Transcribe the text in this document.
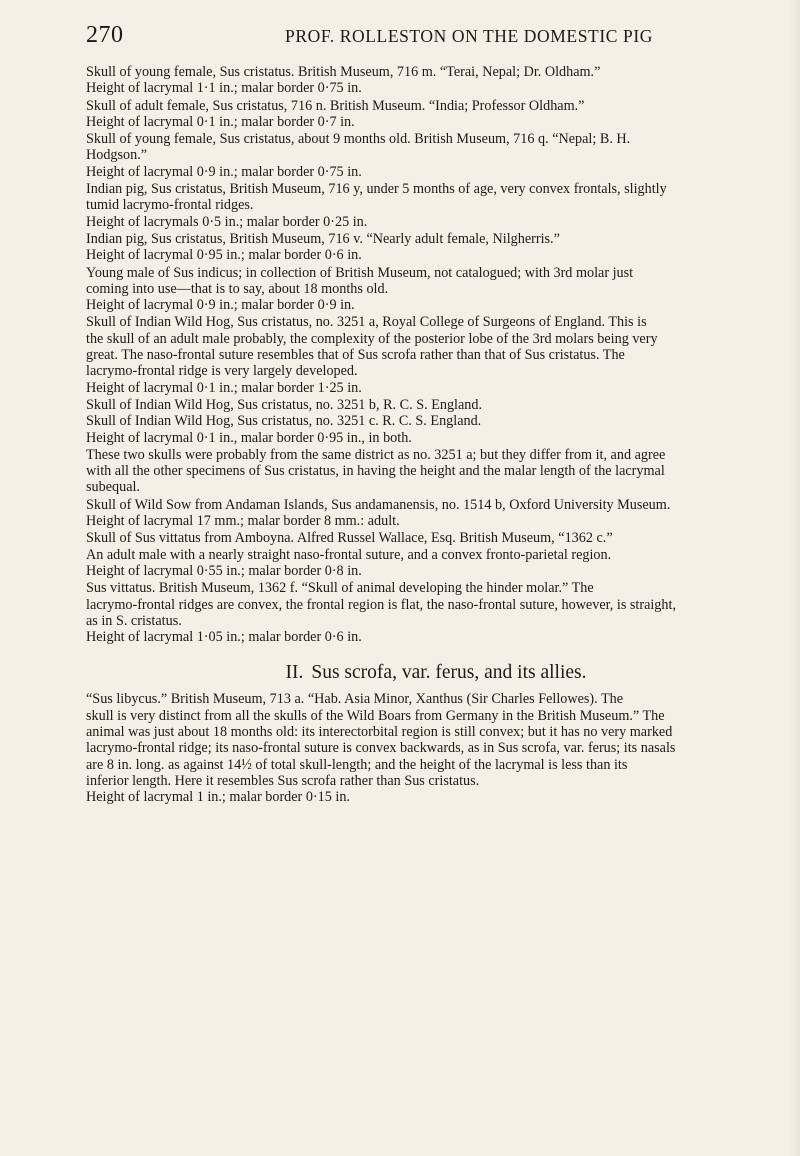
270	PROF. ROLLESTON ON THE DOMESTIC PIG
Skull of young female, Sus cristatus. British Museum, 716 m. “Terai, Nepal; Dr. Oldham.”
Height of lacrymal 1·1 in.; malar border 0·75 in.
Skull of adult female, Sus cristatus, 716 n. British Museum. “India; Professor Oldham.”
Height of lacrymal 0·1 in.; malar border 0·7 in.
Skull of young female, Sus cristatus, about 9 months old. British Museum, 716 q. “Nepal; B. H.
Hodgson.”
Height of lacrymal 0·9 in.; malar border 0·75 in.
Indian pig, Sus cristatus, British Museum, 716 y, under 5 months of age, very convex frontals, slightly
tumid lacrymo-frontal ridges.
Height of lacrymals 0·5 in.; malar border 0·25 in.
Indian pig, Sus cristatus, British Museum, 716 v. “Nearly adult female, Nilgherris.”
Height of lacrymal 0·95 in.; malar border 0·6 in.
Young male of Sus indicus; in collection of British Museum, not catalogued; with 3rd molar just
coming into use—that is to say, about 18 months old.
Height of lacrymal 0·9 in.; malar border 0·9 in.
Skull of Indian Wild Hog, Sus cristatus, no. 3251 a, Royal College of Surgeons of England. This is
the skull of an adult male probably, the complexity of the posterior lobe of the 3rd molars being very
great. The naso-frontal suture resembles that of Sus scrofa rather than that of Sus cristatus. The
lacrymo-frontal ridge is very largely developed.
Height of lacrymal 0·1 in.; malar border 1·25 in.
Skull of Indian Wild Hog, Sus cristatus, no. 3251 b, R. C. S. England.
Skull of Indian Wild Hog, Sus cristatus, no. 3251 c. R. C. S. England.
Height of lacrymal 0·1 in., malar border 0·95 in., in both.
These two skulls were probably from the same district as no. 3251 a; but they differ from it, and agree
with all the other specimens of Sus cristatus, in having the height and the malar length of the lacrymal
subequal.
Skull of Wild Sow from Andaman Islands, Sus andamanensis, no. 1514 b, Oxford University Museum.
Height of lacrymal 17 mm.; malar border 8 mm.: adult.
Skull of Sus vittatus from Amboyna. Alfred Russel Wallace, Esq. British Museum, “1362 c.”
An adult male with a nearly straight naso-frontal suture, and a convex fronto-parietal region.
Height of lacrymal 0·55 in.; malar border 0·8 in.
Sus vittatus. British Museum, 1362 f. “Skull of animal developing the hinder molar.” The
lacrymo-frontal ridges are convex, the frontal region is flat, the naso-frontal suture, however, is straight,
as in S. cristatus.
Height of lacrymal 1·05 in.; malar border 0·6 in.
II. Sus scrofa, var. ferus, and its allies.
“Sus libycus.” British Museum, 713 a. “Hab. Asia Minor, Xanthus (Sir Charles Fellowes). The
skull is very distinct from all the skulls of the Wild Boars from Germany in the British Museum.” The
animal was just about 18 months old: its interectorbital region is still convex; but it has no very marked
lacrymo-frontal ridge; its naso-frontal suture is convex backwards, as in Sus scrofa, var. ferus; its nasals
are 8 in. long. as against 14½ of total skull-length; and the height of the lacrymal is less than its
inferior length. Here it resembles Sus scrofa rather than Sus cristatus.
Height of lacrymal 1 in.; malar border 0·15 in.
